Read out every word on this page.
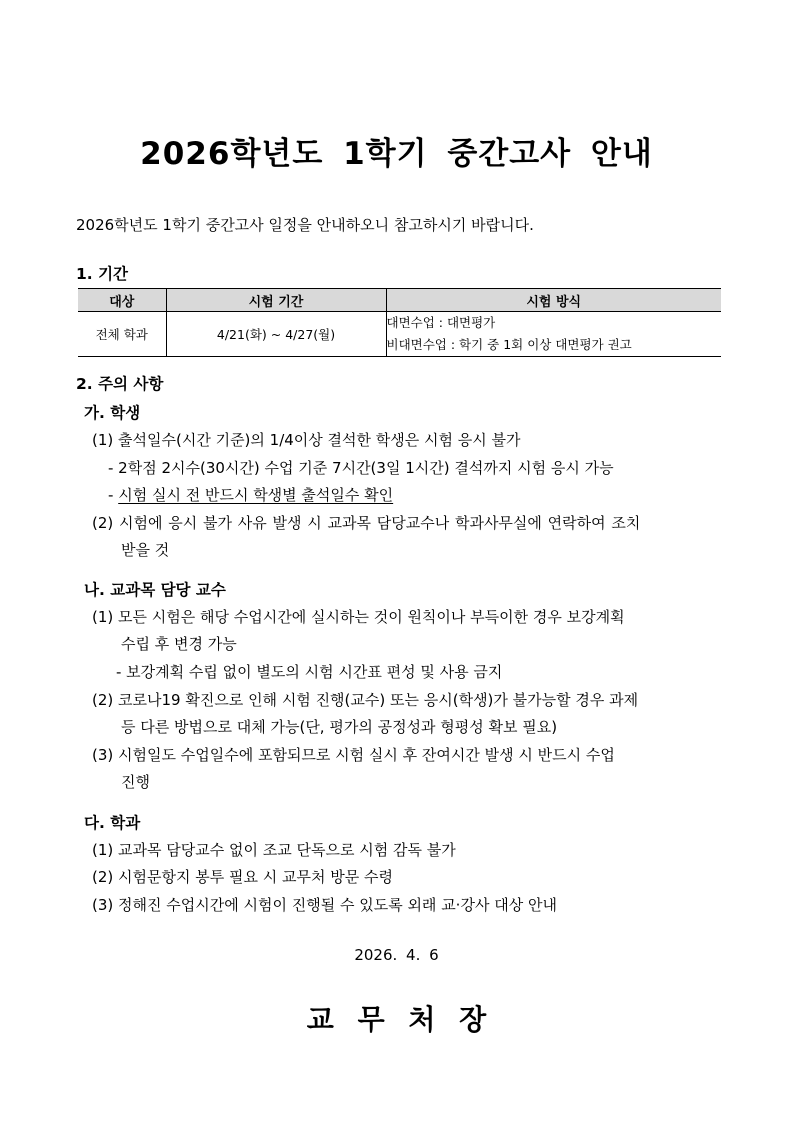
2026학년도 1학기 중간고사 안내
2026학년도 1학기 중간고사 일정을 안내하오니 참고하시기 바랍니다.
1. 기간
대상	시험 기간	시험 방식
전체 학과	4/21(화) ~ 4/27(월)	대면수업 : 대면평가
비대면수업 : 학기 중 1회 이상 대면평가 권고
2. 주의 사항
가. 학생
(1) 출석일수(시간 기준)의 1/4이상 결석한 학생은 시험 응시 불가
- 2학점 2시수(30시간) 수업 기준 7시간(3일 1시간) 결석까지 시험 응시 가능
- 시험 실시 전 반드시 학생별 출석일수 확인
(2) 시험에 응시 불가 사유 발생 시 교과목 담당교수나 학과사무실에 연락하여 조치
받을 것
나. 교과목 담당 교수
(1) 모든 시험은 해당 수업시간에 실시하는 것이 원칙이나 부득이한 경우 보강계획
수립 후 변경 가능
- 보강계획 수립 없이 별도의 시험 시간표 편성 및 사용 금지
(2) 코로나19 확진으로 인해 시험 진행(교수) 또는 응시(학생)가 불가능할 경우 과제
등 다른 방법으로 대체 가능(단, 평가의 공정성과 형평성 확보 필요)
(3) 시험일도 수업일수에 포함되므로 시험 실시 후 잔여시간 발생 시 반드시 수업
진행
다. 학과
(1) 교과목 담당교수 없이 조교 단독으로 시험 감독 불가
(2) 시험문항지 봉투 필요 시 교무처 방문 수령
(3) 정해진 수업시간에 시험이 진행될 수 있도록 외래 교·강사 대상 안내
2026. 4. 6
교 무 처 장
